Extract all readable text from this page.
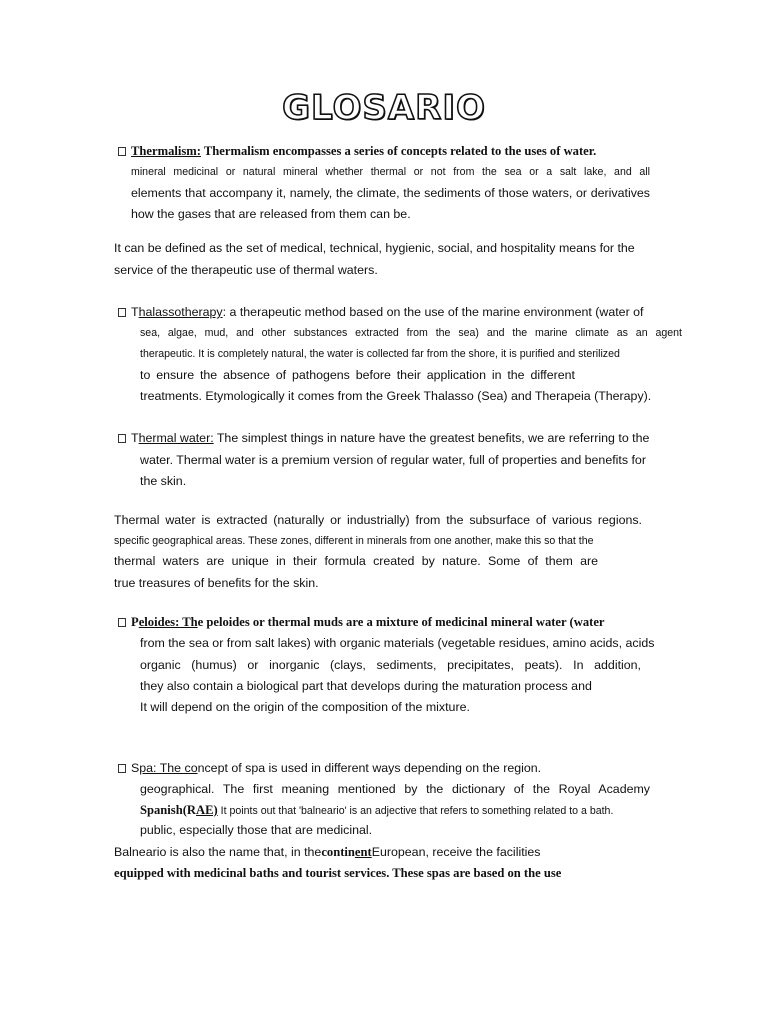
GLOSARIO
Thermalism: Thermalism encompasses a series of concepts related to the uses of water.
mineral medicinal or natural mineral whether thermal or not from the sea or a salt lake, and all
elements that accompany it, namely, the climate, the sediments of those waters, or derivatives
how the gases that are released from them can be.
It can be defined as the set of medical, technical, hygienic, social, and hospitality means for the
service of the therapeutic use of thermal waters.
Thalassotherapy: a therapeutic method based on the use of the marine environment (water of
sea, algae, mud, and other substances extracted from the sea) and the marine climate as an agent
therapeutic. It is completely natural, the water is collected far from the shore, it is purified and sterilized
to ensure the absence of pathogens before their application in the different
treatments. Etymologically it comes from the Greek Thalasso (Sea) and Therapeia (Therapy).
Thermal water: The simplest things in nature have the greatest benefits, we are referring to the
water. Thermal water is a premium version of regular water, full of properties and benefits for
the skin.
Thermal water is extracted (naturally or industrially) from the subsurface of various regions.
specific geographical areas. These zones, different in minerals from one another, make this so that the
thermal waters are unique in their formula created by nature. Some of them are
true treasures of benefits for the skin.
Peloides: The peloides or thermal muds are a mixture of medicinal mineral water (water
from the sea or from salt lakes) with organic materials (vegetable residues, amino acids, acids
organic (humus) or inorganic (clays, sediments, precipitates, peats). In addition,
they also contain a biological part that develops during the maturation process and
It will depend on the origin of the composition of the mixture.
Spa: The concept of spa is used in different ways depending on the region.
geographical. The first meaning mentioned by the dictionary of the Royal Academy
Spanish(RAE) It points out that 'balneario' is an adjective that refers to something related to a bath.
public, especially those that are medicinal.
Balneario is also the name that, in the continentEuropean, receive the facilities
equipped with medicinal baths and tourist services. These spas are based on the use
